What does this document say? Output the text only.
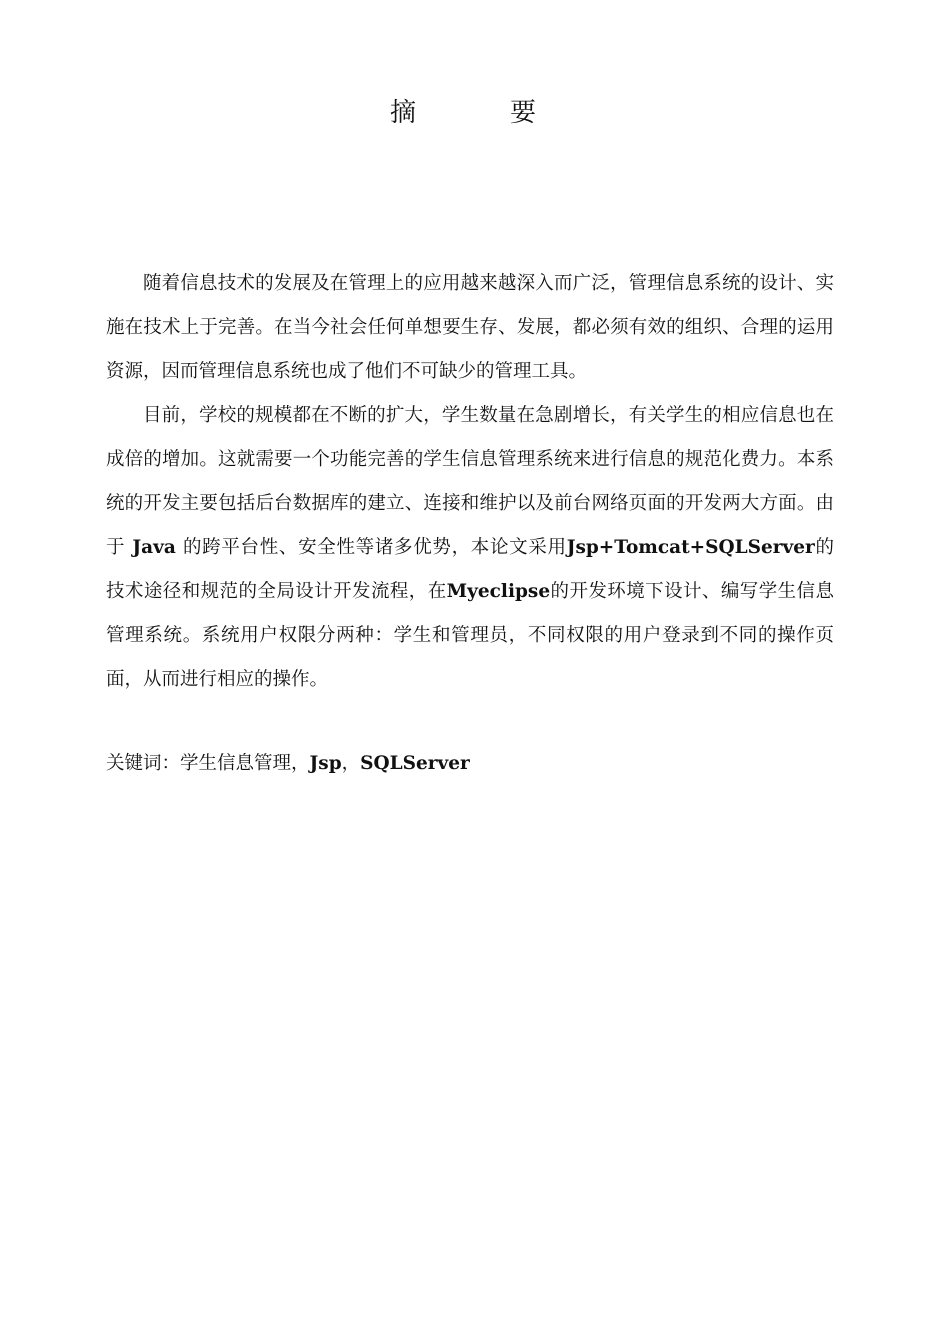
摘	要

随着信息技术的发展及在管理上的应用越来越深入而广泛，管理信息系统的设计、实施在技术上于完善。在当今社会任何单想要生存、发展，都必须有效的组织、合理的运用资源，因而管理信息系统也成了他们不可缺少的管理工具。

目前，学校的规模都在不断的扩大，学生数量在急剧增长，有关学生的相应信息也在成倍的增加。这就需要一个功能完善的学生信息管理系统来进行信息的规范化费力。本系统的开发主要包括后台数据库的建立、连接和维护以及前台网络页面的开发两大方面。由于 Java 的跨平台性、安全性等诸多优势，本论文采用Jsp+Tomcat+SQLServer的技术途径和规范的全局设计开发流程，在Myeclipse的开发环境下设计、编写学生信息管理系统。系统用户权限分两种：学生和管理员，不同权限的用户登录到不同的操作页面，从而进行相应的操作。

关键词：学生信息管理，Jsp，SQLServer
